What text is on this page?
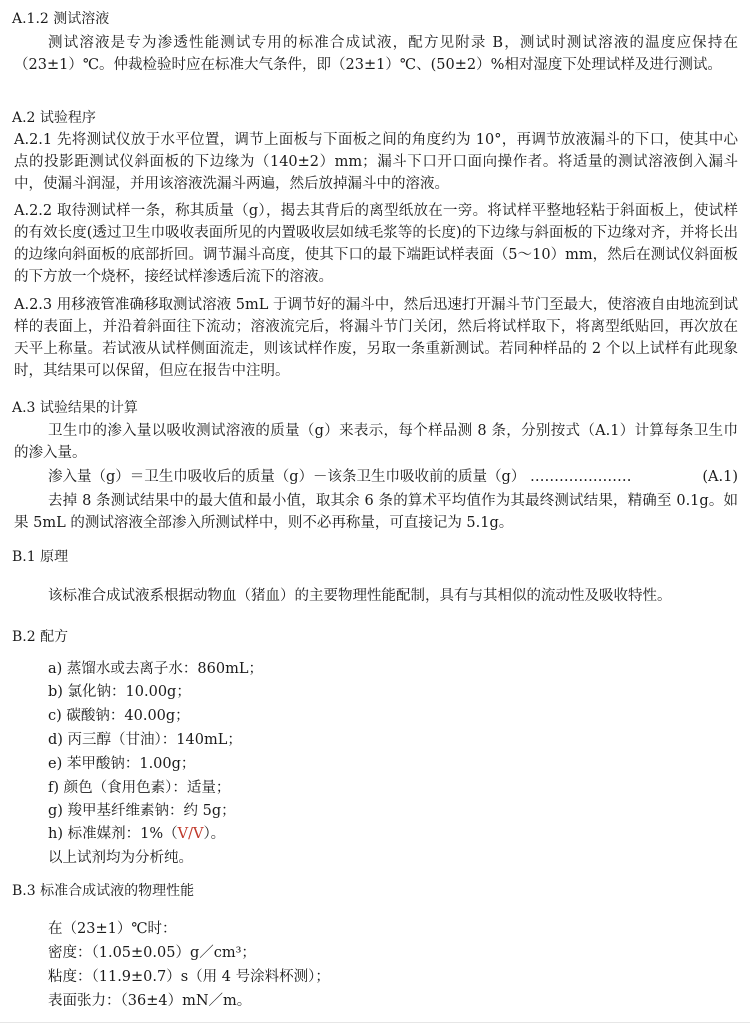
A.1.2 测试溶液
测试溶液是专为渗透性能测试专用的标准合成试液，配方见附录 B，测试时测试溶液的温度应保持在（23±1）℃。仲裁检验时应在标准大气条件，即（23±1）℃、(50±2）%相对湿度下处理试样及进行测试。
A.2 试验程序
A.2.1 先将测试仪放于水平位置，调节上面板与下面板之间的角度约为 10°，再调节放液漏斗的下口，使其中心点的投影距测试仪斜面板的下边缘为（140±2）mm；漏斗下口开口面向操作者。将适量的测试溶液倒入漏斗中，使漏斗润湿，并用该溶液洗漏斗两遍，然后放掉漏斗中的溶液。
A.2.2 取待测试样一条，称其质量（g），揭去其背后的离型纸放在一旁。将试样平整地轻粘于斜面板上，使试样的有效长度(透过卫生巾吸收表面所见的内置吸收层如绒毛浆等的长度)的下边缘与斜面板的下边缘对齐，并将长出的边缘向斜面板的底部折回。调节漏斗高度，使其下口的最下端距试样表面（5～10）mm，然后在测试仪斜面板的下方放一个烧杯，接经试样渗透后流下的溶液。
A.2.3 用移液管准确移取测试溶液 5mL 于调节好的漏斗中，然后迅速打开漏斗节门至最大，使溶液自由地流到试样的表面上，并沿着斜面往下流动；溶液流完后，将漏斗节门关闭，然后将试样取下，将离型纸贴回，再次放在天平上称量。若试液从试样侧面流走，则该试样作废，另取一条重新测试。若同种样品的 2 个以上试样有此现象时，其结果可以保留，但应在报告中注明。
A.3 试验结果的计算
卫生巾的渗入量以吸收测试溶液的质量（g）来表示，每个样品测 8 条，分别按式（A.1）计算每条卫生巾的渗入量。
渗入量（g）＝卫生巾吸收后的质量（g）－该条卫生巾吸收前的质量（g） …………………	(A.1)
去掉 8 条测试结果中的最大值和最小值，取其余 6 条的算术平均值作为其最终测试结果，精确至 0.1g。如果 5mL 的测试溶液全部渗入所测试样中，则不必再称量，可直接记为 5.1g。
B.1 原理
该标准合成试液系根据动物血（猪血）的主要物理性能配制，具有与其相似的流动性及吸收特性。
B.2 配方
a) 蒸馏水或去离子水：860mL；
b) 氯化钠：10.00g；
c) 碳酸钠：40.00g；
d) 丙三醇（甘油）：140mL；
e) 苯甲酸钠：1.00g；
f) 颜色（食用色素）：适量；
g) 羧甲基纤维素钠：约 5g；
h) 标准媒剂：1%（V/V）。
以上试剂均为分析纯。
B.3 标准合成试液的物理性能
在（23±1）℃时：
密度：（1.05±0.05）g／cm³；
粘度：（11.9±0.7）s（用 4 号涂料杯测）；
表面张力：（36±4）mN／m。
